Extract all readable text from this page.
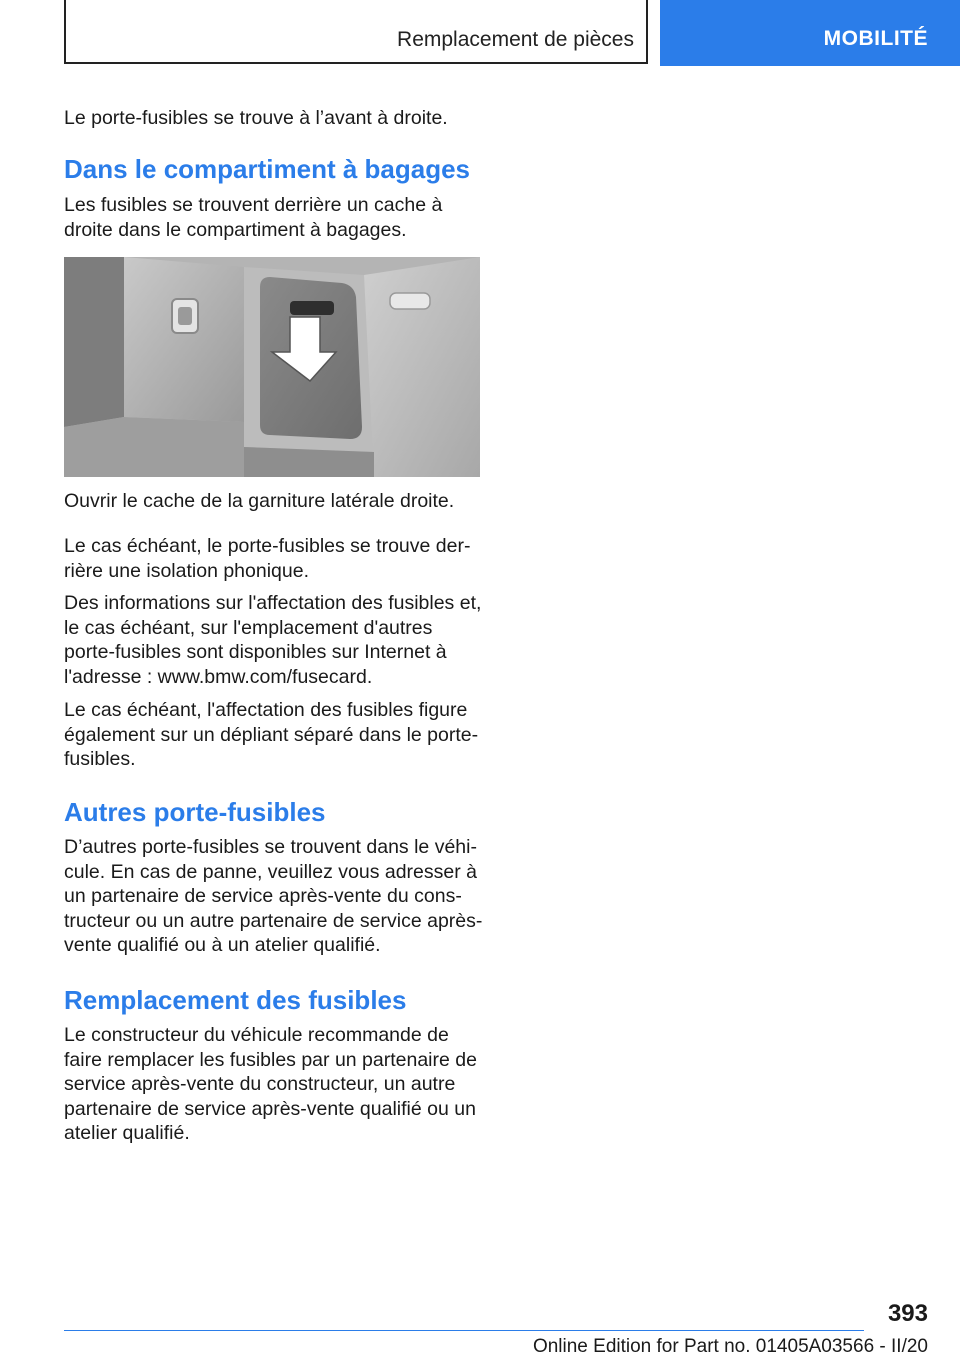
Remplacement de pièces	MOBILITÉ
Le porte-fusibles se trouve à l’avant à droite.
Dans le compartiment à bagages
Les fusibles se trouvent derrière un cache à droite dans le compartiment à bagages.
Ouvrir le cache de la garniture latérale droite.
Le cas échéant, le porte-fusibles se trouve der-rière une isolation phonique.
Des informations sur l'affectation des fusibles et, le cas échéant, sur l'emplacement d'autres porte-fusibles sont disponibles sur Internet à l'adresse : www.bmw.com/fusecard.
Le cas échéant, l'affectation des fusibles figure également sur un dépliant séparé dans le porte-fusibles.
Autres porte-fusibles
D’autres porte-fusibles se trouvent dans le véhi-cule. En cas de panne, veuillez vous adresser à un partenaire de service après-vente du cons-tructeur ou un autre partenaire de service après-vente qualifié ou à un atelier qualifié.
Remplacement des fusibles
Le constructeur du véhicule recommande de faire remplacer les fusibles par un partenaire de service après-vente du constructeur, un autre partenaire de service après-vente qualifié ou un atelier qualifié.
393
Online Edition for Part no. 01405A03566 - II/20
